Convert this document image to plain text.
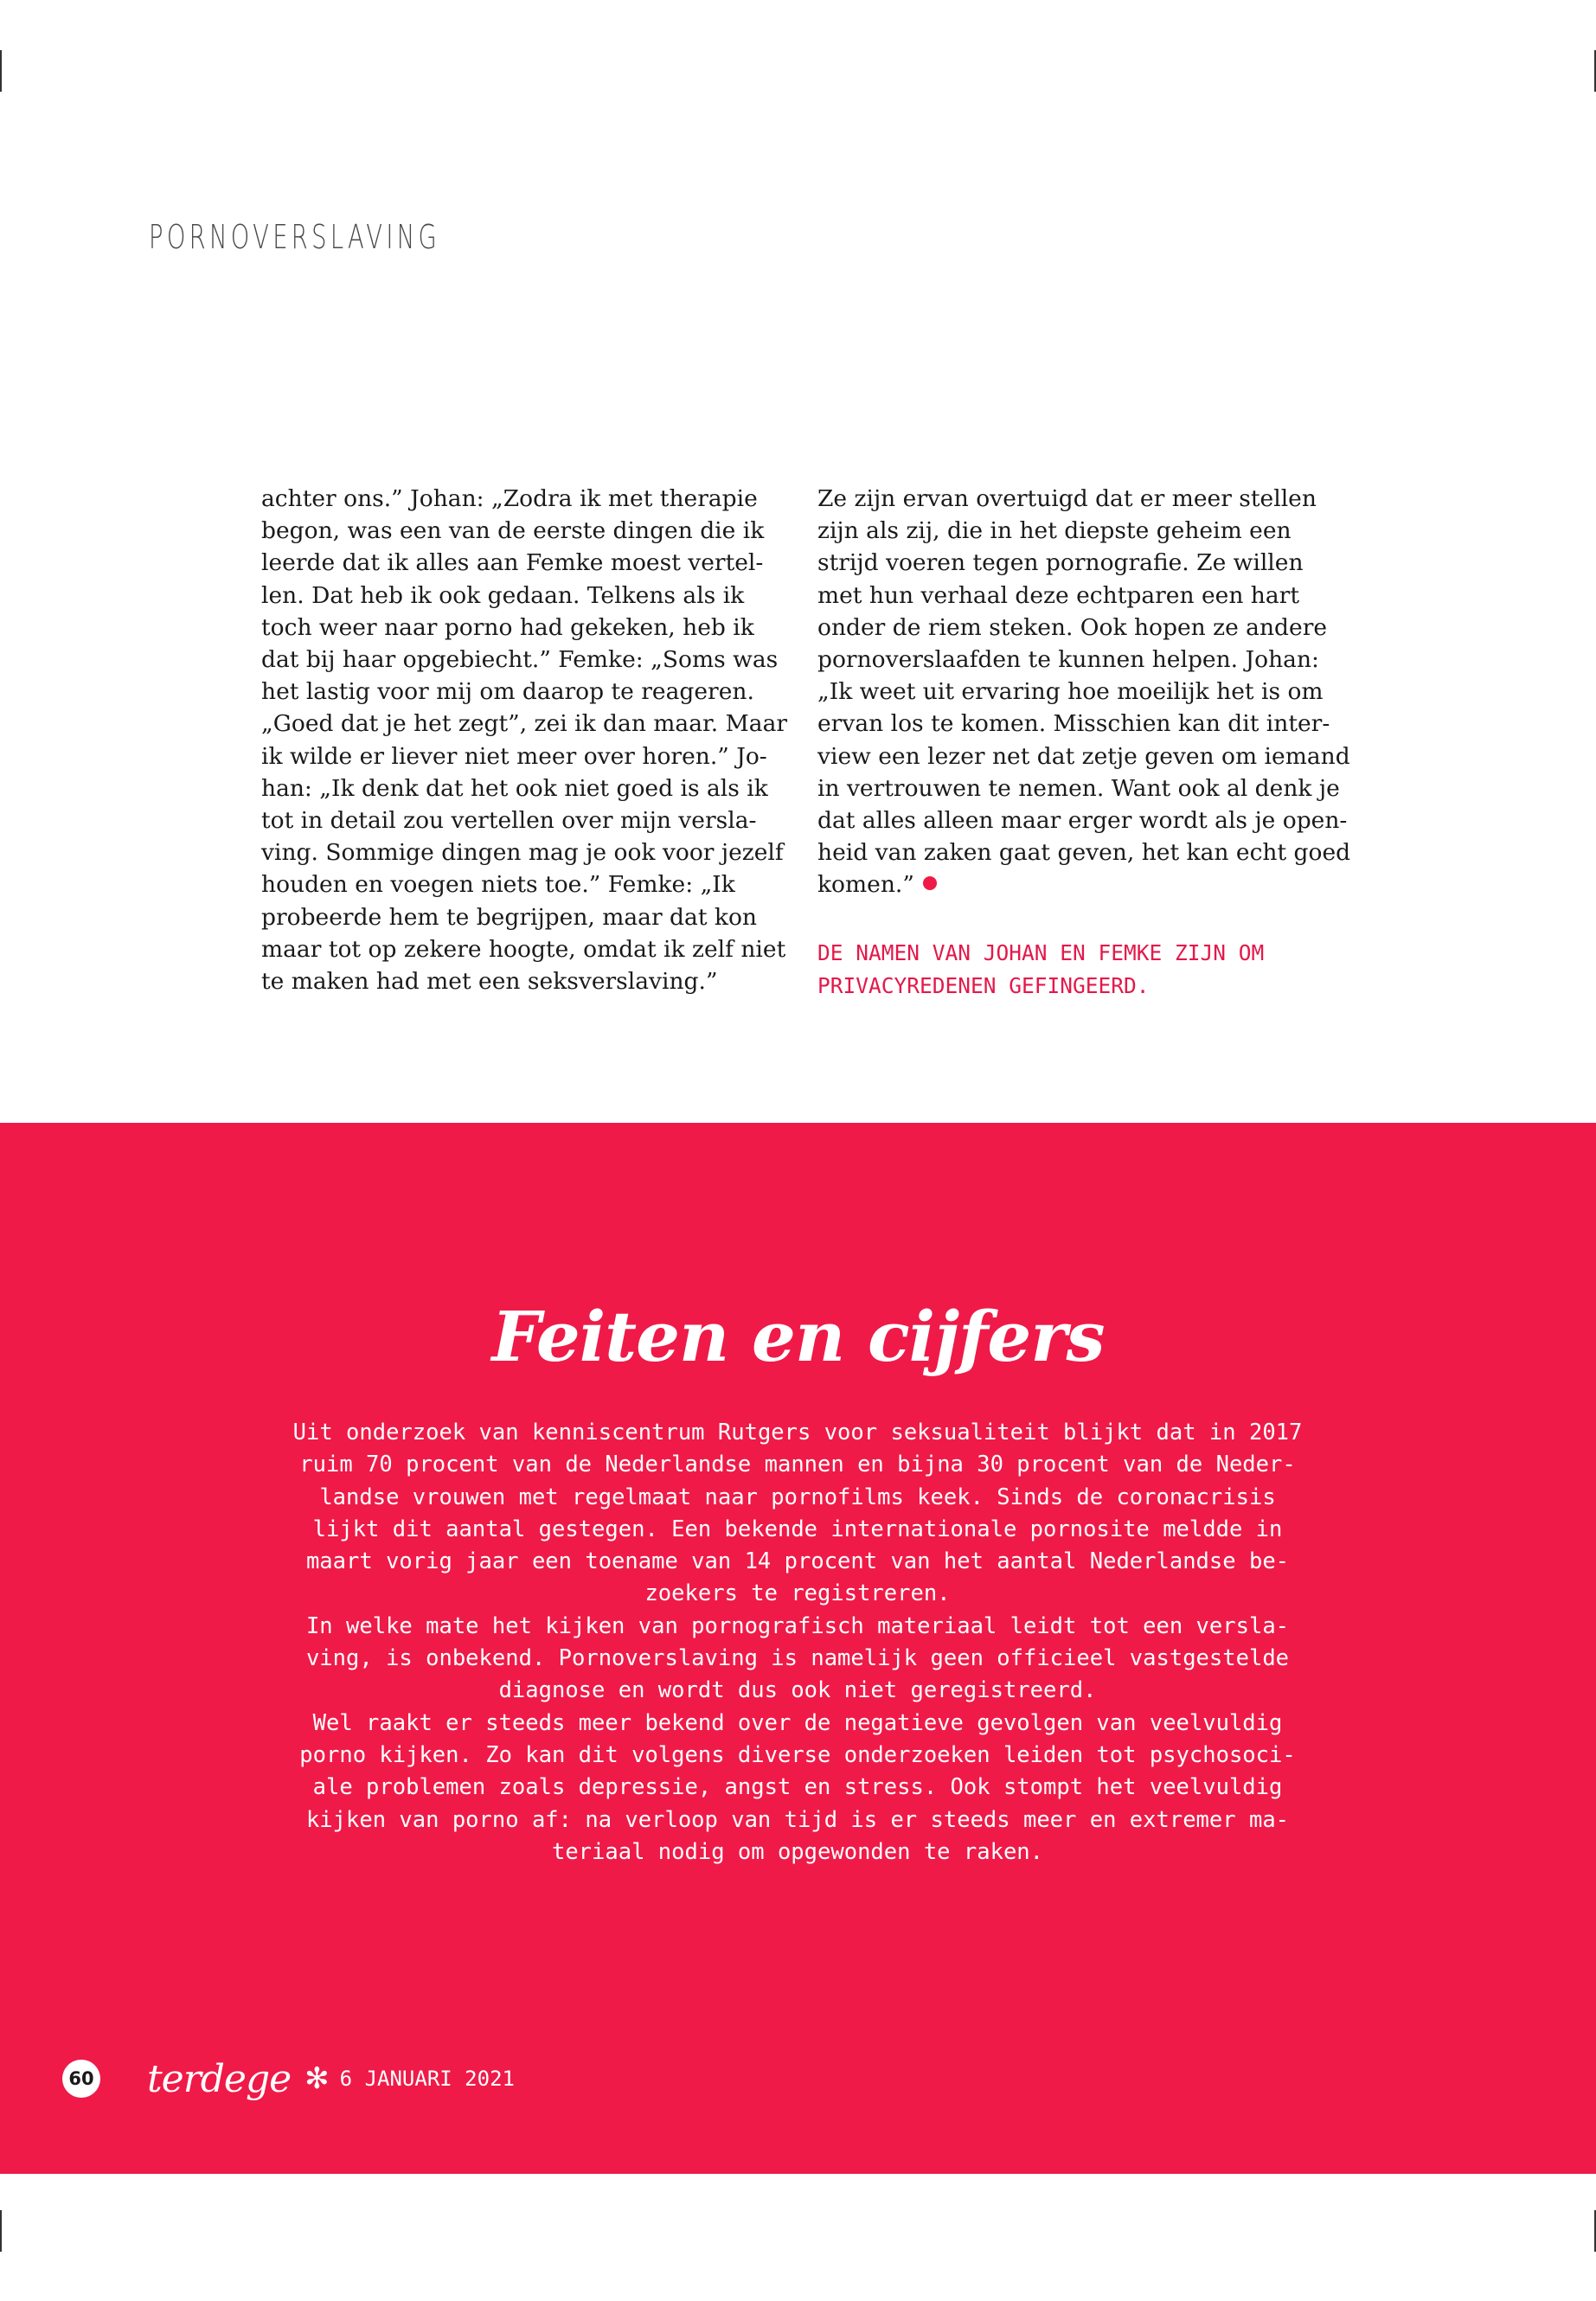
PORNOVERSLAVING
achter ons.” Johan: „Zodra ik met therapie
begon, was een van de eerste dingen die ik
leerde dat ik alles aan Femke moest vertel-
len. Dat heb ik ook gedaan. Telkens als ik
toch weer naar porno had gekeken, heb ik
dat bij haar opgebiecht.” Femke: „Soms was
het lastig voor mij om daarop te reageren.
„Goed dat je het zegt”, zei ik dan maar. Maar
ik wilde er liever niet meer over horen.” Jo-
han: „Ik denk dat het ook niet goed is als ik
tot in detail zou vertellen over mijn versla-
ving. Sommige dingen mag je ook voor jezelf
houden en voegen niets toe.” Femke: „Ik
probeerde hem te begrijpen, maar dat kon
maar tot op zekere hoogte, omdat ik zelf niet
te maken had met een seksverslaving.”
Ze zijn ervan overtuigd dat er meer stellen
zijn als zij, die in het diepste geheim een
strijd voeren tegen pornografie. Ze willen
met hun verhaal deze echtparen een hart
onder de riem steken. Ook hopen ze andere
pornoverslaafden te kunnen helpen. Johan:
„Ik weet uit ervaring hoe moeilijk het is om
ervan los te komen. Misschien kan dit inter-
view een lezer net dat zetje geven om iemand
in vertrouwen te nemen. Want ook al denk je
dat alles alleen maar erger wordt als je open-
heid van zaken gaat geven, het kan echt goed
komen.”
DE NAMEN VAN JOHAN EN FEMKE ZIJN OM
PRIVACYREDENEN GEFINGEERD.
Feiten en cijfers
Uit onderzoek van kenniscentrum Rutgers voor seksualiteit blijkt dat in 2017
ruim 70 procent van de Nederlandse mannen en bijna 30 procent van de Neder-
landse vrouwen met regelmaat naar pornofilms keek. Sinds de coronacrisis
lijkt dit aantal gestegen. Een bekende internationale pornosite meldde in
maart vorig jaar een toename van 14 procent van het aantal Nederlandse be-
zoekers te registreren.
In welke mate het kijken van pornografisch materiaal leidt tot een versla-
ving, is onbekend. Pornoverslaving is namelijk geen officieel vastgestelde
diagnose en wordt dus ook niet geregistreerd.
Wel raakt er steeds meer bekend over de negatieve gevolgen van veelvuldig
porno kijken. Zo kan dit volgens diverse onderzoeken leiden tot psychosoci-
ale problemen zoals depressie, angst en stress. Ook stompt het veelvuldig
kijken van porno af: na verloop van tijd is er steeds meer en extremer ma-
teriaal nodig om opgewonden te raken.
60 terdege ✻ 6 JANUARI 2021
